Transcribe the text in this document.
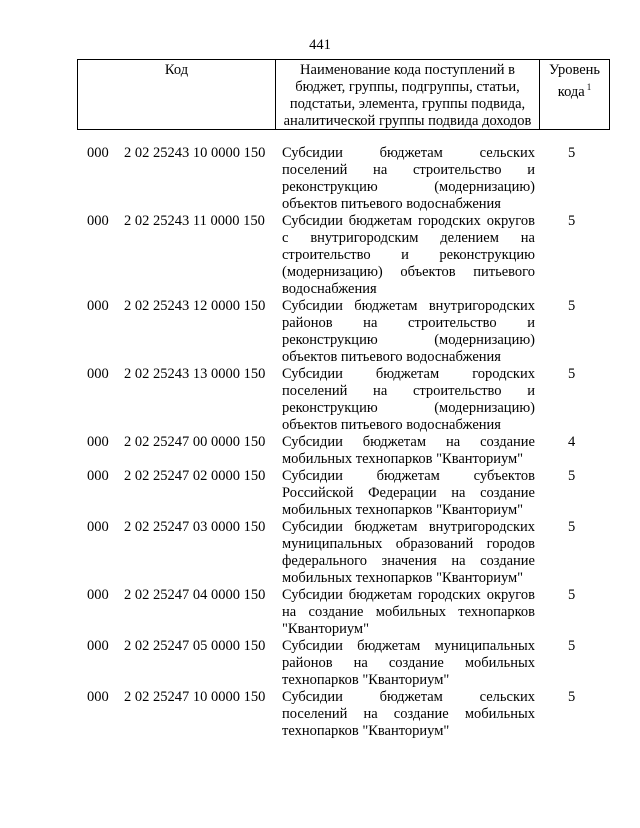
441
Код	Наименование кода поступлений в бюджет, группы, подгруппы, статьи, подстатьи, элемента, группы подвида, аналитической группы подвида доходов
Уровень кода $^1$
000 2 02 25243 10 0000 150 Субсидии бюджетам сельских поселений на строительство и реконструкцию (модернизацию) объектов питьевого водоснабжения
5
000 2 02 25243 11 0000 150 Субсидии бюджетам городских округов с внутригородским делением на строительство и реконструкцию (модернизацию) объектов питьевого водоснабжения
5
000 2 02 25243 12 0000 150 Субсидии бюджетам внутригородских районов на строительство и реконструкцию (модернизацию) объектов питьевого водоснабжения
5
000 2 02 25243 13 0000 150 Субсидии бюджетам городских поселений на строительство и реконструкцию (модернизацию) объектов питьевого водоснабжения
5
000 2 02 25247 00 0000 150 Субсидии бюджетам на создание мобильных технопарков "Кванториум"
4
000 2 02 25247 02 0000 150 Субсидии бюджетам субъектов Российской Федерации на создание мобильных технопарков "Кванториум"
5
000 2 02 25247 03 0000 150 Субсидии бюджетам внутригородских муниципальных образований городов федерального значения на создание мобильных технопарков "Кванториум"
5
000 2 02 25247 04 0000 150 Субсидии бюджетам городских округов на создание мобильных технопарков "Кванториум"
5
000 2 02 25247 05 0000 150 Субсидии бюджетам муниципальных районов на создание мобильных технопарков "Кванториум"
5
000 2 02 25247 10 0000 150 Субсидии бюджетам сельских поселений на создание мобильных технопарков "Кванториум"
5
